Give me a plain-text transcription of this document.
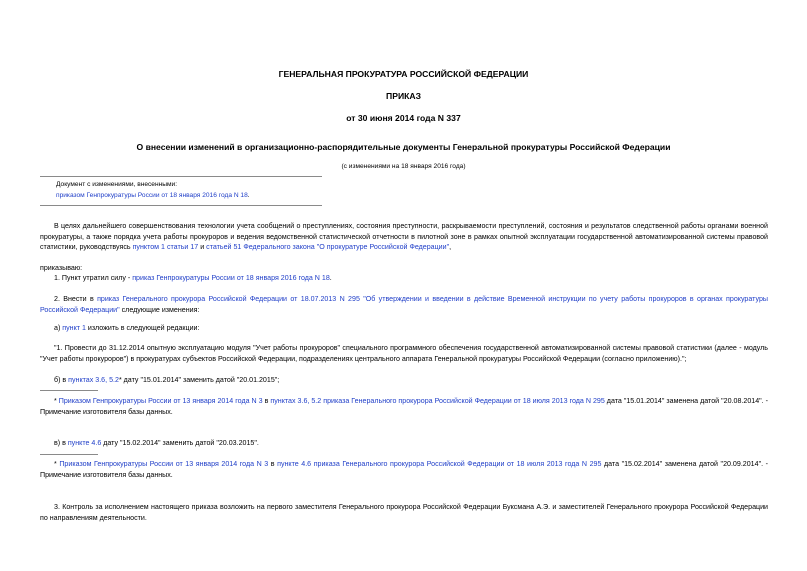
ГЕНЕРАЛЬНАЯ ПРОКУРАТУРА РОССИЙСКОЙ ФЕДЕРАЦИИ
ПРИКАЗ
от 30 июня 2014 года N 337
О внесении изменений в организационно-распорядительные документы Генеральной прокуратуры Российской Федерации
(с изменениями на 18 января 2016 года)
Документ с изменениями, внесенными:
приказом Генпрокуратуры России от 18 января 2016 года N 18.
В целях дальнейшего совершенствования технологии учета сообщений о преступлениях, состояния преступности, раскрываемости преступлений, состояния и результатов следственной работы органами военной прокуратуры, а также порядка учета работы прокуроров и ведения ведомственной статистической отчетности в пилотной зоне в рамках опытной эксплуатации государственной автоматизированной системы правовой статистики, руководствуясь пунктом 1 статьи 17 и статьей 51 Федерального закона "О прокуратуре Российской Федерации",
приказываю:
1. Пункт утратил силу - приказ Генпрокуратуры России от 18 января 2016 года N 18.
2. Внести в приказ Генерального прокурора Российской Федерации от 18.07.2013 N 295 "Об утверждении и введении в действие Временной инструкции по учету работы прокуроров в органах прокуратуры Российской Федерации" следующие изменения:
а) пункт 1 изложить в следующей редакции:
"1. Провести до 31.12.2014 опытную эксплуатацию модуля "Учет работы прокуроров" специального программного обеспечения государственной автоматизированной системы правовой статистики (далее - модуль "Учет работы прокуроров") в прокуратурах субъектов Российской Федерации, подразделениях центрального аппарата Генеральной прокуратуры Российской Федерации (согласно приложению).";
б) в пунктах 3.6, 5.2* дату "15.01.2014" заменить датой "20.01.2015";
* Приказом Генпрокуратуры России от 13 января 2014 года N 3 в пунктах 3.6, 5.2 приказа Генерального прокурора Российской Федерации от 18 июля 2013 года N 295 дата "15.01.2014" заменена датой "20.08.2014". - Примечание изготовителя базы данных.
в) в пункте 4.6 дату "15.02.2014" заменить датой "20.03.2015".
* Приказом Генпрокуратуры России от 13 января 2014 года N 3 в пункте 4.6 приказа Генерального прокурора Российской Федерации от 18 июля 2013 года N 295 дата "15.02.2014" заменена датой "20.09.2014". - Примечание изготовителя базы данных.
3. Контроль за исполнением настоящего приказа возложить на первого заместителя Генерального прокурора Российской Федерации Буксмана А.Э. и заместителей Генерального прокурора Российской Федерации по направлениям деятельности.
